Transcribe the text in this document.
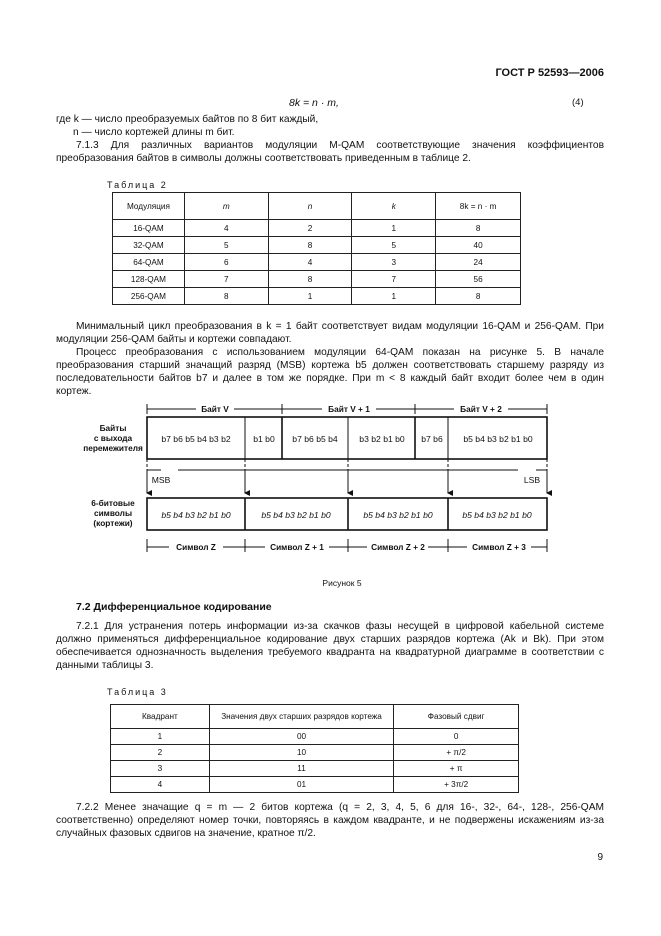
ГОСТ Р 52593—2006
8k = n · m,	(4)
где k — число преобразуемых байтов по 8 бит каждый,
n — число кортежей длины m бит.
7.1.3 Для различных вариантов модуляции M-QAM соответствующие значения коэффициентов преобразования байтов в символы должны соответствовать приведенным в таблице 2.
Таблица 2
Модуляция	m	n	k	8k = n · m
16-QAM	4	2	1	8
32-QAM	5	8	5	40
64-QAM	6	4	3	24
128-QAM	7	8	7	56
256-QAM	8	1	1	8
Минимальный цикл преобразования в k = 1 байт соответствует видам модуляции 16-QAM и 256-QAM. При модуляции 256-QAM байты и кортежи совпадают.
Процесс преобразования с использованием модуляции 64-QAM показан на рисунке 5. В начале преобразования старший значащий разряд (MSB) кортежа b5 должен соответствовать старшему разряду из последовательности байтов b7 и далее в том же порядке. При m < 8 каждый байт входит более чем в один кортеж.
Байт V	Байт V + 1	Байт V + 2
Байты
с выхода
перемежителя
b7 b6 b5 b4 b3 b2	b1 b0 b7 b6 b5 b4	b3 b2 b1 b0 b7 b6 b5 b4 b3 b2 b1 b0
MSB	LSB
6-битовые
символы
(кортежи)
b5 b4 b3 b2 b1 b0	b5 b4 b3 b2 b1 b0	b5 b4 b3 b2 b1 b0	b5 b4 b3 b2 b1 b0
Символ Z	Символ Z + 1	Символ Z + 2	Символ Z + 3
Рисунок 5
7.2 Дифференциальное кодирование
7.2.1 Для устранения потерь информации из-за скачков фазы несущей в цифровой кабельной системе должно применяться дифференциальное кодирование двух старших разрядов кортежа (Ak и Bk). При этом обеспечивается однозначность выделения требуемого квадранта на квадратурной диаграмме в соответствии с данными таблицы 3.
Таблица 3
Квадрант	Значения двух старших разрядов кортежа	Фазовый сдвиг
1	00	0
2	10	+ π/2
3	11	+ π
4	01	+ 3π/2
7.2.2 Менее значащие q = m — 2 битов кортежа (q = 2, 3, 4, 5, 6 для 16-, 32-, 64-, 128-, 256-QAM соответственно) определяют номер точки, повторяясь в каждом квадранте, и не подвержены искажениям из-за случайных фазовых сдвигов на значение, кратное π/2.
9
